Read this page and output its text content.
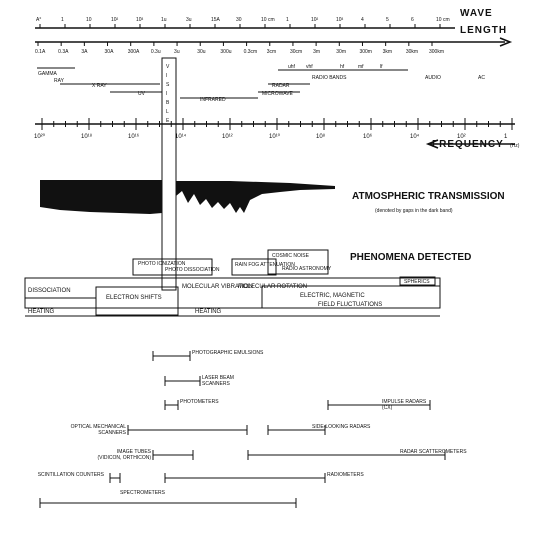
WAVE
LENGTH
A°	1	10	10²	10³	1u	3u	15A	30	10 cm 1	10²	10³	4	5	6	10 cm
0.1A	0.3A	3A	30A	300A 0.3u	3u	30u	300u 0.3cm 3cm	30cm 3m	30m	300m 3km	30km 300km
GAMMA
RAY
X RAY
UV
INFRARED
MICROWAVE
RADAR
uhf vhf	hf	mf	lf
RADIO BANDS	AUDIO	AC
V
I
S
I
B
L
E
10²⁰	10¹⁸	10¹⁶	10¹⁴	10¹²	10¹⁰	10⁸	10⁶	10⁴	10²	1
FREQUENCY (Hz)
ATMOSPHERIC TRANSMISSION
(denoted by gaps in the dark band)
PHENOMENA DETECTED
PHOTO IONIZATION
PHOTO DISSOCIATION
RAIN FOG ATTENUATION
COSMIC NOISE
RADIO ASTRONOMY
SPHERICS
DISSOCIATION
ELECTRON SHIFTS
MOLECULAR VIBRATION
MOLECULAR ROTATION
ELECTRIC, MAGNETIC
FIELD FLUCTUATIONS
HEATING	HEATING
PHOTOGRAPHIC EMULSIONS
LASER BEAM SCANNERS
PHOTOMETERS	IMPULSE RADARS (CX)
OPTICAL MECHANICAL SCANNERS
SIDE-LOOKING RADARS
IMAGE TUBES (VIDICON, ORTHICON)
RADAR SCATTEROMETERS
SCINTILLATION COUNTERS	RADIOMETERS
SPECTROMETERS
